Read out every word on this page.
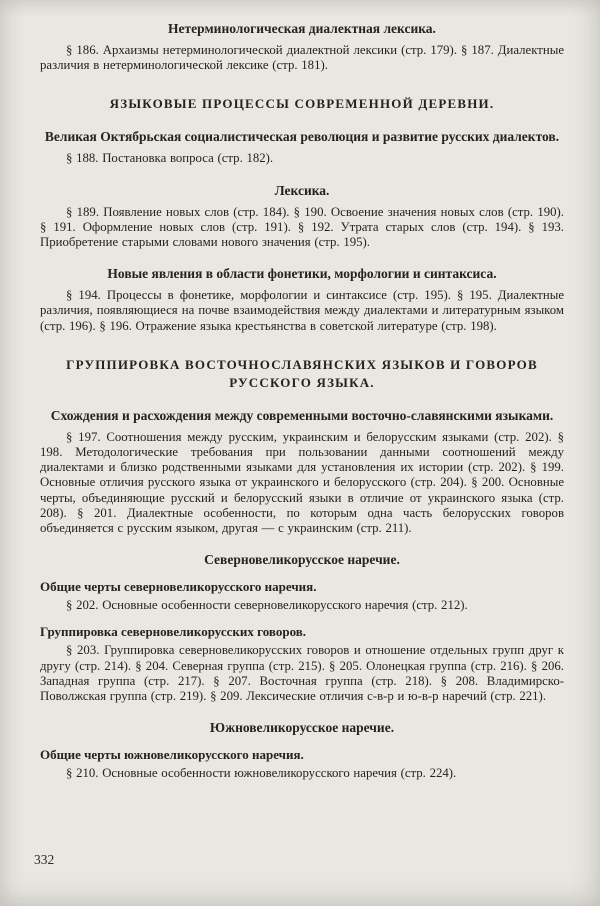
Нетерминологическая диалектная лексика.
§ 186. Архаизмы нетерминологической диалектной лексики (стр. 179). § 187. Диалектные различия в нетерминологической лексике (стр. 181).
ЯЗЫКОВЫЕ ПРОЦЕССЫ СОВРЕМЕННОЙ ДЕРЕВНИ.
Великая Октябрьская социалистическая революция и развитие русских диалектов.
§ 188. Постановка вопроса (стр. 182).
Лексика.
§ 189. Появление новых слов (стр. 184). § 190. Освоение значения новых слов (стр. 190). § 191. Оформление новых слов (стр. 191). § 192. Утрата старых слов (стр. 194). § 193. Приобретение старыми словами нового значения (стр. 195).
Новые явления в области фонетики, морфологии и синтаксиса.
§ 194. Процессы в фонетике, морфологии и синтаксисе (стр. 195). § 195. Диалектные различия, появляющиеся на почве взаимодействия между диалектами и литературным языком (стр. 196). § 196. Отражение языка крестьянства в советской литературе (стр. 198).
ГРУППИРОВКА ВОСТОЧНОСЛАВЯНСКИХ ЯЗЫКОВ И ГОВОРОВ РУССКОГО ЯЗЫКА.
Схождения и расхождения между современными восточно-славянскими языками.
§ 197. Соотношения между русским, украинским и белорусским языками (стр. 202). § 198. Методологические требования при пользовании данными соотношений между диалектами и близко родственными языками для установления их истории (стр. 202). § 199. Основные отличия русского языка от украинского и белорусского (стр. 204). § 200. Основные черты, объединяющие русский и белорусский языки в отличие от украинского языка (стр. 208). § 201. Диалектные особенности, по которым одна часть белорусских говоров объединяется с русским языком, другая — с украинским (стр. 211).
Северновеликорусское наречие.
Общие черты северновеликорусского наречия.
§ 202. Основные особенности северновеликорусского наречия (стр. 212).
Группировка северновеликорусских говоров.
§ 203. Группировка северновеликорусских говоров и отношение отдельных групп друг к другу (стр. 214). § 204. Северная группа (стр. 215). § 205. Олонецкая группа (стр. 216). § 206. Западная группа (стр. 217). § 207. Восточная группа (стр. 218). § 208. Владимирско-Поволжская группа (стр. 219). § 209. Лексические отличия с-в-р и ю-в-р наречий (стр. 221).
Южновеликорусское наречие.
Общие черты южновеликорусского наречия.
§ 210. Основные особенности южновеликорусского наречия (стр. 224).
332
